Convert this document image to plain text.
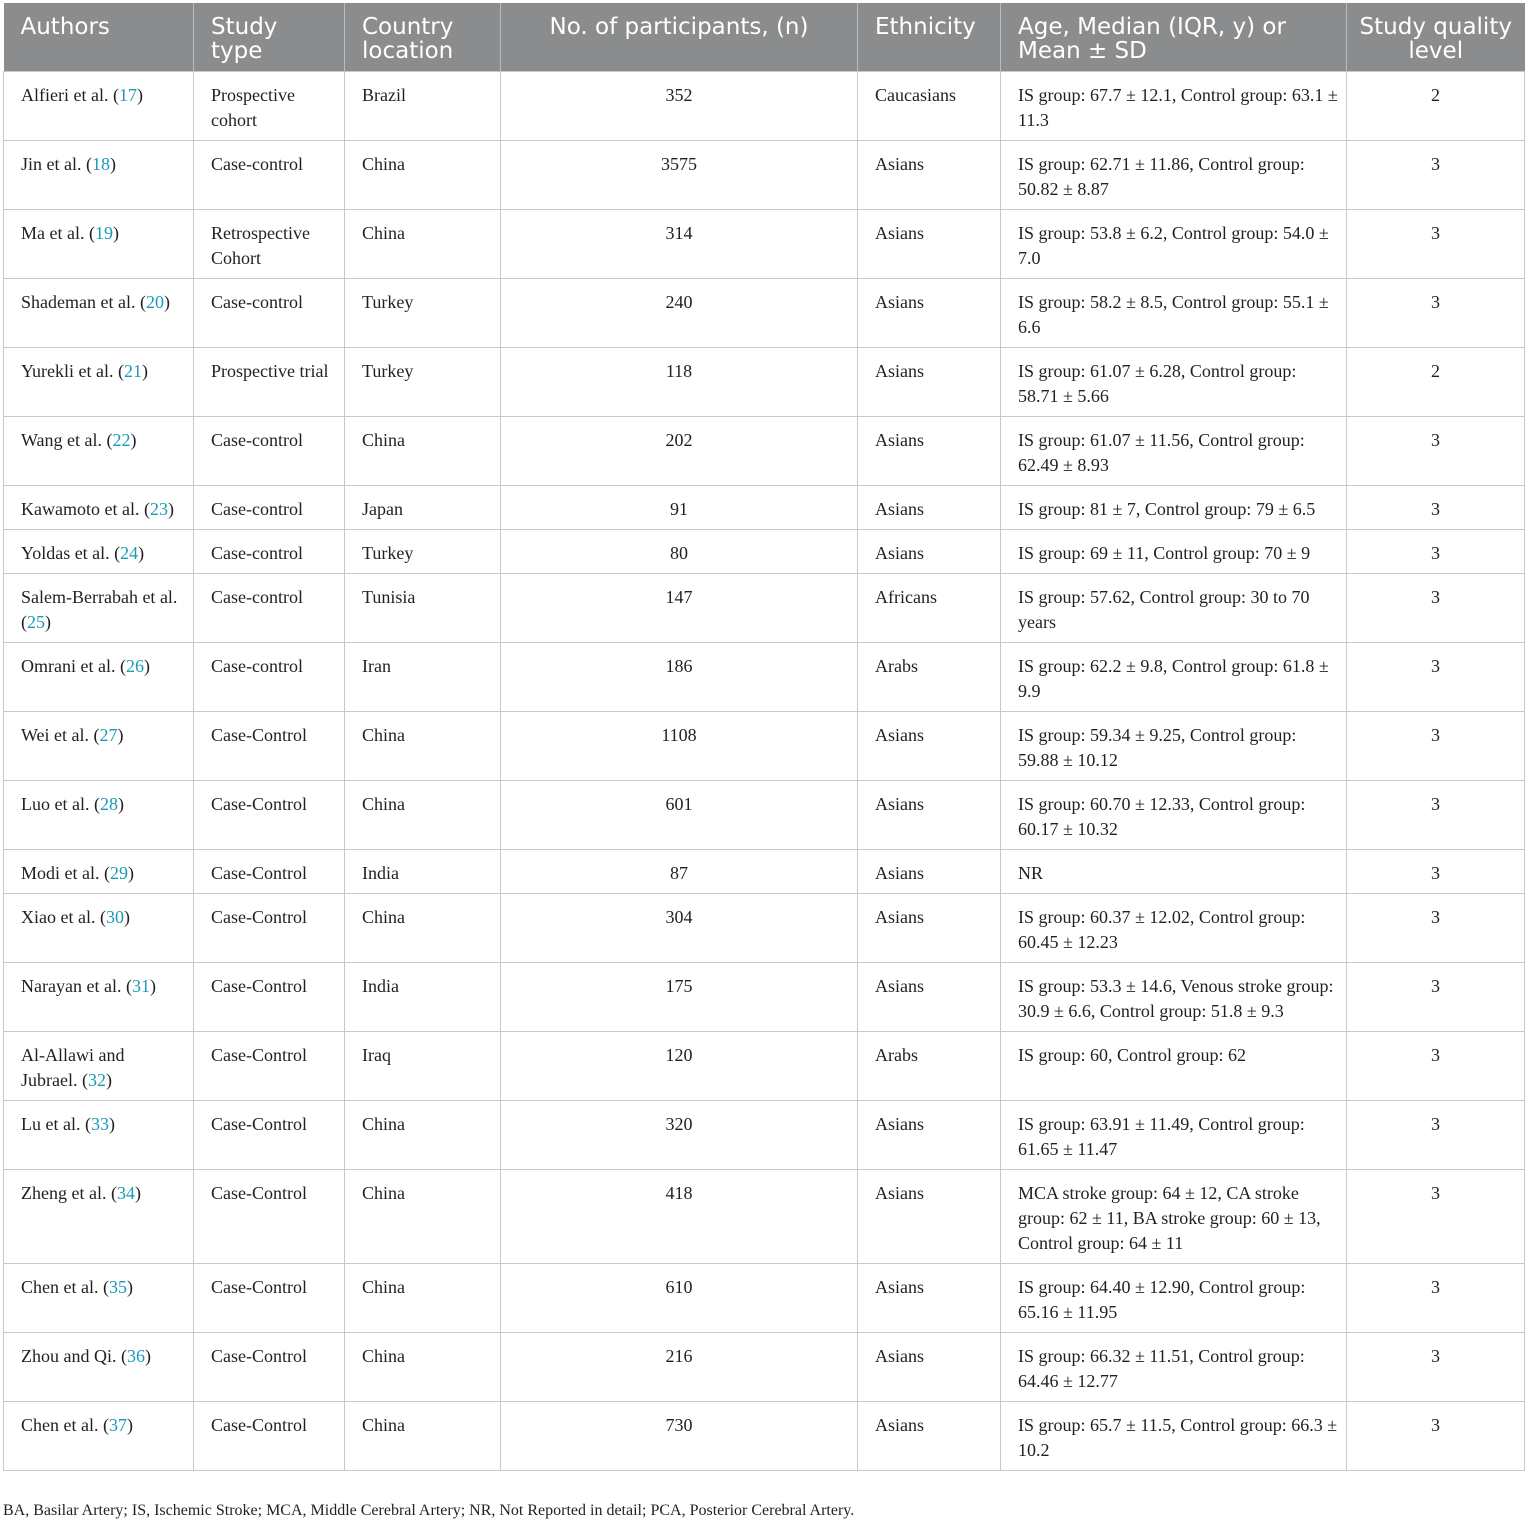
Authors	Study type	Country location	No. of participants, (n)	Ethnicity	Age, Median (IQR, y) or Mean ± SD	Study quality level
Alfieri et al. (17)	Prospective cohort	Brazil	352	Caucasians	IS group: 67.7 ± 12.1, Control group: 63.1 ± 11.3	2
Jin et al. (18)	Case-control	China	3575	Asians	IS group: 62.71 ± 11.86, Control group: 50.82 ± 8.87	3
Ma et al. (19)	Retrospective Cohort	China	314	Asians	IS group: 53.8 ± 6.2, Control group: 54.0 ± 7.0	3
Shademan et al. (20)	Case-control	Turkey	240	Asians	IS group: 58.2 ± 8.5, Control group: 55.1 ± 6.6	3
Yurekli et al. (21)	Prospective trial	Turkey	118	Asians	IS group: 61.07 ± 6.28, Control group: 58.71 ± 5.66	2
Wang et al. (22)	Case-control	China	202	Asians	IS group: 61.07 ± 11.56, Control group: 62.49 ± 8.93	3
Kawamoto et al. (23)	Case-control	Japan	91	Asians	IS group: 81 ± 7, Control group: 79 ± 6.5	3
Yoldas et al. (24)	Case-control	Turkey	80	Asians	IS group: 69 ± 11, Control group: 70 ± 9	3
Salem-Berrabah et al. (25)	Case-control	Tunisia	147	Africans	IS group: 57.62, Control group: 30 to 70 years	3
Omrani et al. (26)	Case-control	Iran	186	Arabs	IS group: 62.2 ± 9.8, Control group: 61.8 ± 9.9	3
Wei et al. (27)	Case-Control	China	1108	Asians	IS group: 59.34 ± 9.25, Control group: 59.88 ± 10.12	3
Luo et al. (28)	Case-Control	China	601	Asians	IS group: 60.70 ± 12.33, Control group: 60.17 ± 10.32	3
Modi et al. (29)	Case-Control	India	87	Asians	NR	3
Xiao et al. (30)	Case-Control	China	304	Asians	IS group: 60.37 ± 12.02, Control group: 60.45 ± 12.23	3
Narayan et al. (31)	Case-Control	India	175	Asians	IS group: 53.3 ± 14.6, Venous stroke group: 30.9 ± 6.6, Control group: 51.8 ± 9.3	3
Al-Allawi and Jubrael. (32)	Case-Control	Iraq	120	Arabs	IS group: 60, Control group: 62	3
Lu et al. (33)	Case-Control	China	320	Asians	IS group: 63.91 ± 11.49, Control group: 61.65 ± 11.47	3
Zheng et al. (34)	Case-Control	China	418	Asians	MCA stroke group: 64 ± 12, CA stroke group: 62 ± 11, BA stroke group: 60 ± 13, Control group: 64 ± 11	3
Chen et al. (35)	Case-Control	China	610	Asians	IS group: 64.40 ± 12.90, Control group: 65.16 ± 11.95	3
Zhou and Qi. (36)	Case-Control	China	216	Asians	IS group: 66.32 ± 11.51, Control group: 64.46 ± 12.77	3
Chen et al. (37)	Case-Control	China	730	Asians	IS group: 65.7 ± 11.5, Control group: 66.3 ± 10.2	3
BA, Basilar Artery; IS, Ischemic Stroke; MCA, Middle Cerebral Artery; NR, Not Reported in detail; PCA, Posterior Cerebral Artery.
